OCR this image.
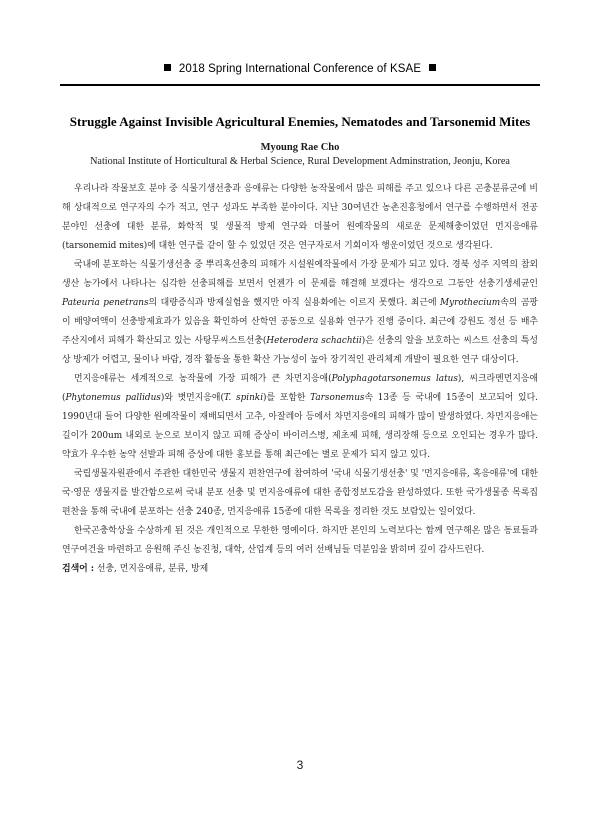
2018 Spring International Conference of KSAE
Struggle Against Invisible Agricultural Enemies, Nematodes and Tarsonemid Mites
Myoung Rae Cho
National Institute of Horticultural & Herbal Science, Rural Development Adminstration, Jeonju, Korea

우리나라 작물보호 분야 중 식물기생선충과 응애류는 다양한 농작물에서 많은 피해를 주고 있으나 다른 곤충분류군에 비해 상대적으로 연구자의 수가 적고, 연구 성과도 부족한 분야이다. 지난 30여년간 농촌진흥청에서 연구를 수행하면서 전공분야인 선충에 대한 분류, 화학적 및 생물적 방제 연구와 더불어 원예작물의 새로운 문제해충이었던 먼지응애류(tarsonemid mites)에 대한 연구를 같이 할 수 있었던 것은 연구자로서 기회이자 행운이었던 것으로 생각된다.

국내에 분포하는 식물기생선충 중 뿌리혹선충의 피해가 시설원예작물에서 가장 문제가 되고 있다. 경북 성주 지역의 참외생산 농가에서 나타나는 심각한 선충피해를 보면서 언젠가 이 문제를 해결해 보겠다는 생각으로 그동안 선충기생세균인 Pateuria penetrans의 대량증식과 방제실험을 했지만 아직 실용화에는 이르지 못했다. 최근에 Myrothecium속의 곰팡이 배양여액이 선충방제효과가 있음을 확인하여 산학연 공동으로 실용화 연구가 진행 중이다. 최근에 강원도 정선 등 배추 주산지에서 피해가 확산되고 있는 사탕무씨스트선충(Heterodera schachtii)은 선충의 알을 보호하는 씨스트 선충의 특성 상 방제가 어렵고, 물이나 바람, 경작 활동을 통한 확산 가능성이 높아 장기적인 관리체계 개발이 필요한 연구 대상이다.

먼지응애류는 세계적으로 농작물에 가장 피해가 큰 차먼지응애(Polyphagotarsonemus latus), 씨크라멘먼지응애(Phytonemus pallidus)와 볏먼지응애(T. spinki)를 포함한 Tarsonemus속 13종 등 국내에 15종이 보고되어 있다. 1990년대 들어 다양한 원예작물이 재배되면서 고추, 아잘레아 등에서 차먼지응애의 피해가 많이 발생하였다. 차먼지응애는 길이가 200um 내외로 눈으로 보이지 않고 피해 증상이 바이러스병, 제초제 피해, 생리장해 등으로 오인되는 경우가 많다. 약효가 우수한 농약 선발과 피해 증상에 대한 홍보를 통해 최근에는 별로 문제가 되지 않고 있다.

국립생물자원관에서 주관한 대한민국 생물지 편찬연구에 참여하여 '국내 식물기생선충' 및 '먼지응애류, 혹응애류'에 대한 국·영문 생물지를 발간함으로써 국내 분포 선충 및 먼지응애류에 대한 종합정보도감을 완성하였다. 또한 국가생물종 목록집 편찬을 통해 국내에 분포하는 선충 240종, 먼지응애류 15종에 대한 목록을 정리한 것도 보람있는 일이었다.

한국곤충학상을 수상하게 된 것은 개인적으로 무한한 영예이다. 하지만 본인의 노력보다는 함께 연구해온 많은 동료들과 연구여건을 마련하고 응원해 주신 농진청, 대학, 산업계 등의 여러 선배님들 덕분임을 밝히며 깊이 감사드린다.

검색어 : 선충, 먼지응애류, 분류, 방제
3
